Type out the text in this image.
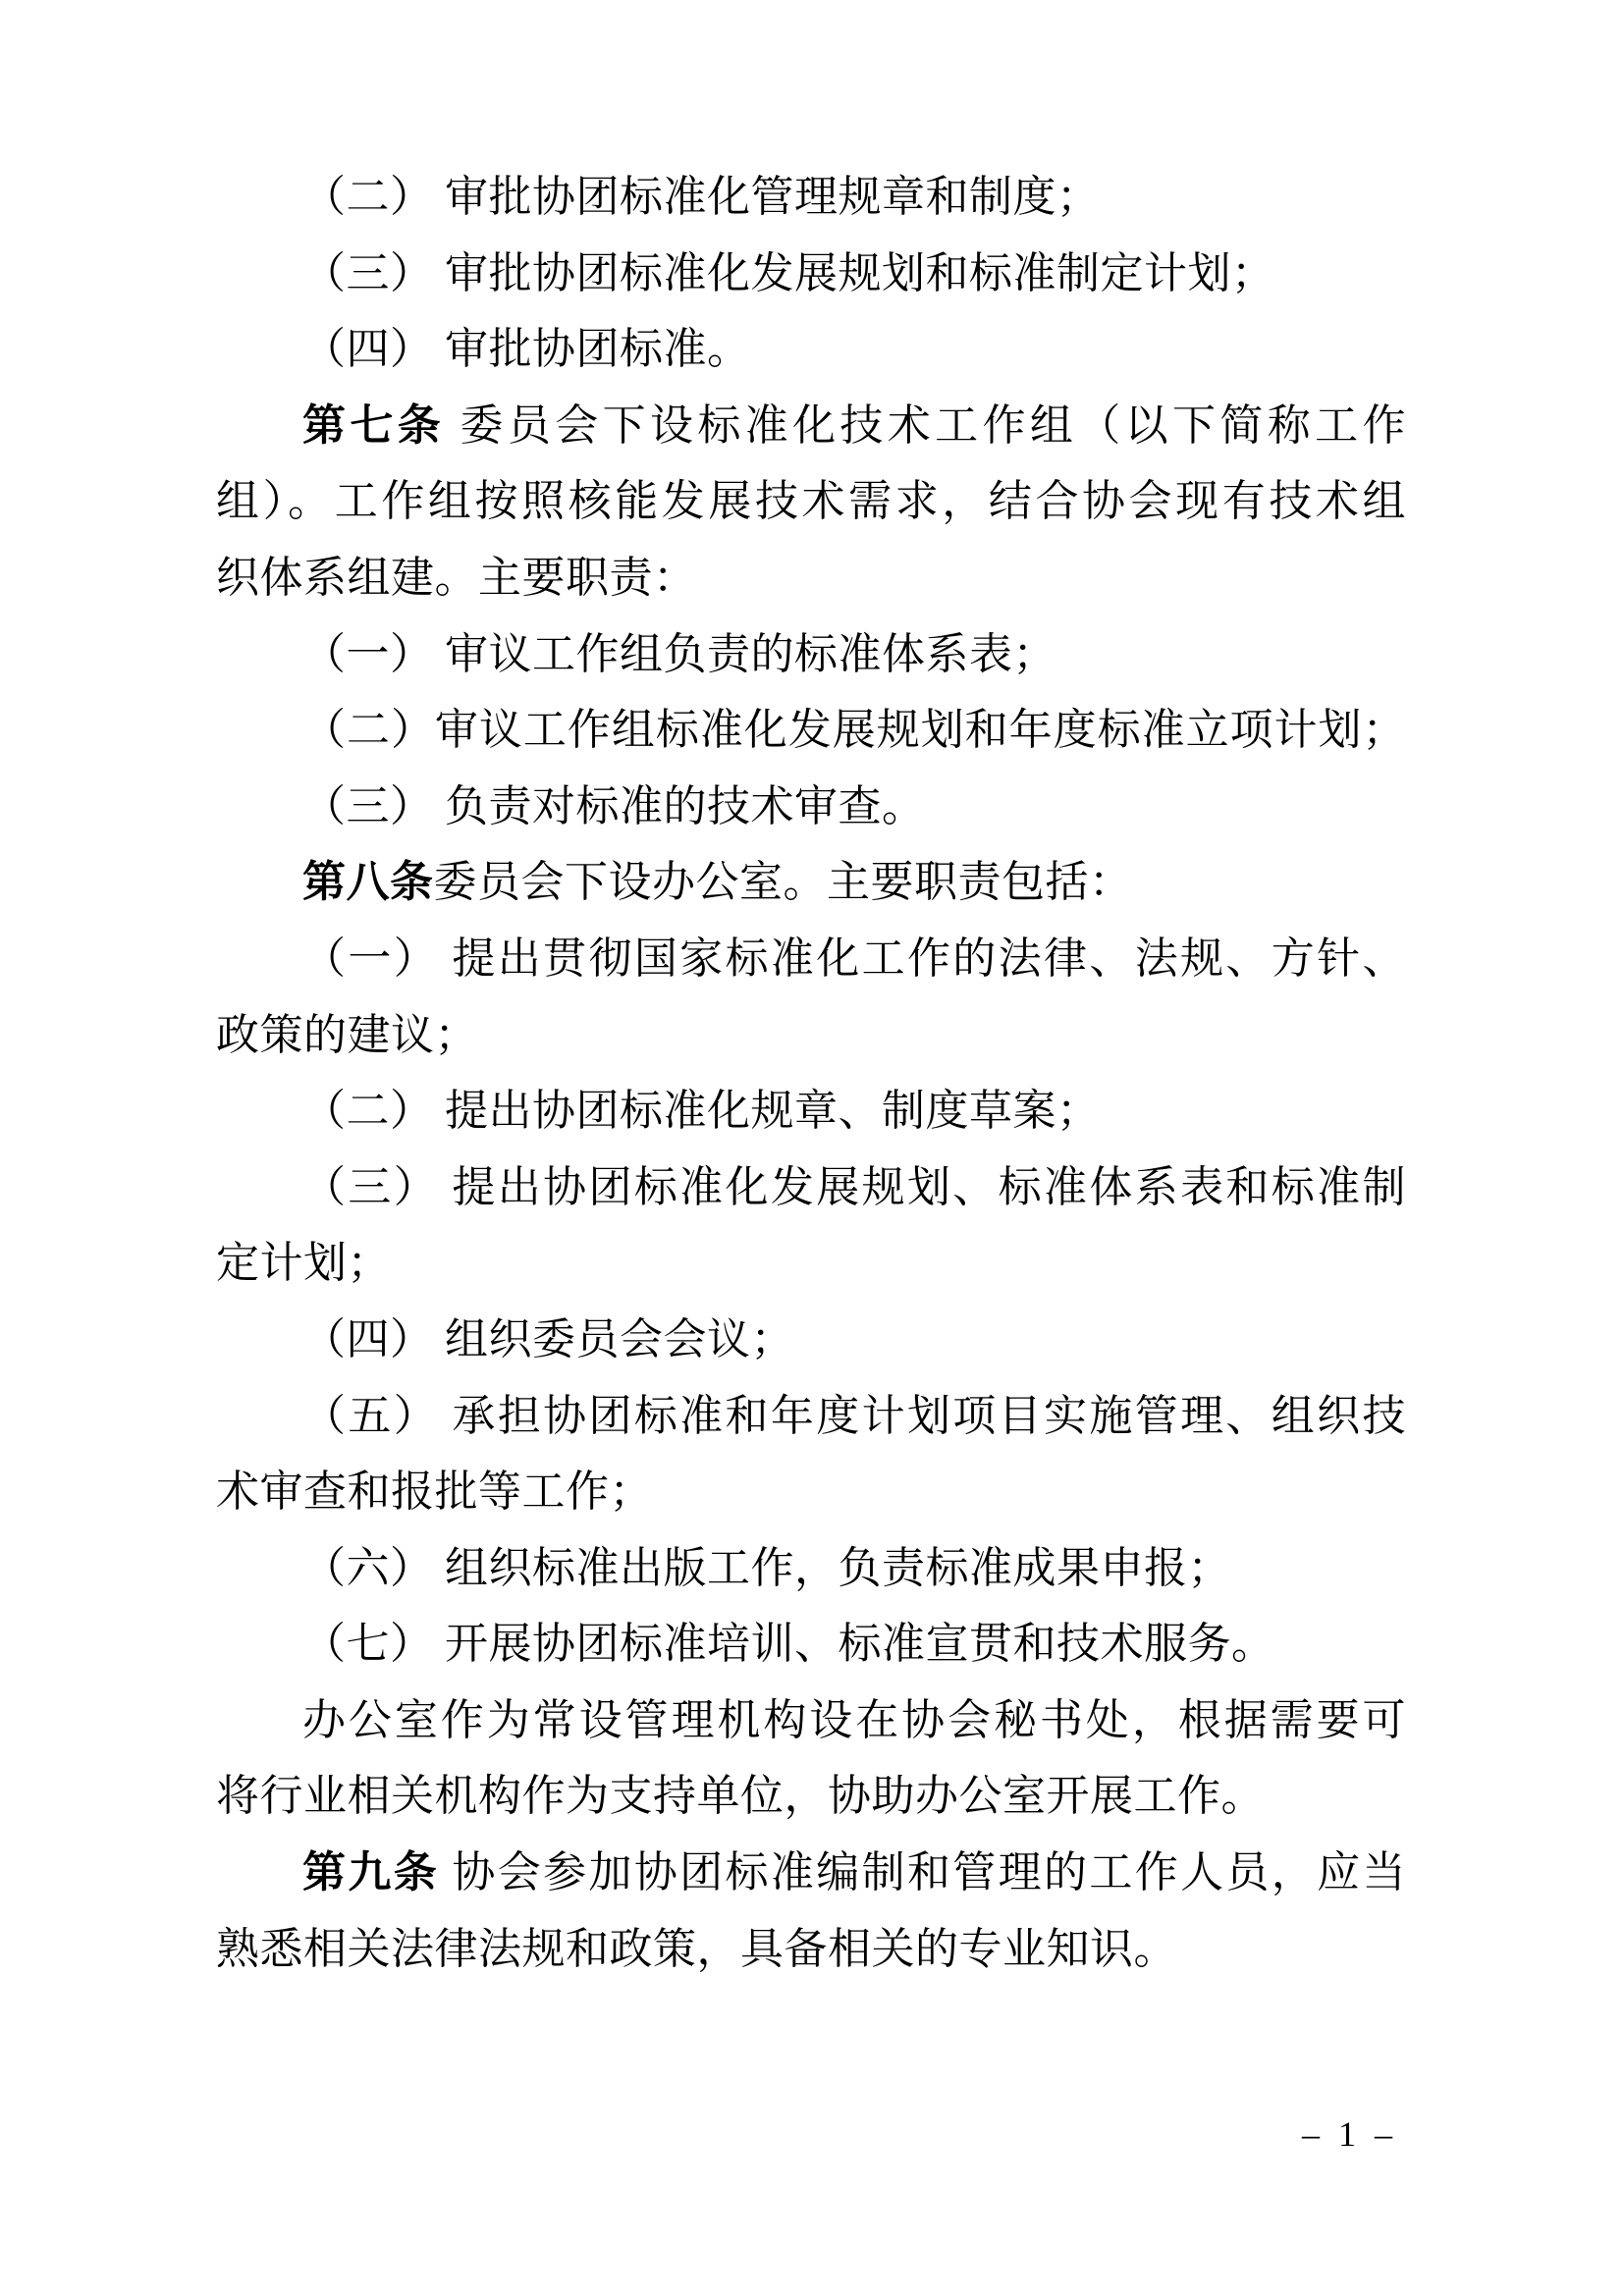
（二） 审批协团标准化管理规章和制度；
（三） 审批协团标准化发展规划和标准制定计划；
（四） 审批协团标准。
第七条 委员会下设标准化技术工作组（以下简称工作
组）。工作组按照核能发展技术需求，结合协会现有技术组
织体系组建。主要职责：
（一） 审议工作组负责的标准体系表；
（二）审议工作组标准化发展规划和年度标准立项计划；
（三） 负责对标准的技术审查。
第八条委员会下设办公室。主要职责包括：
（一） 提出贯彻国家标准化工作的法律、法规、方针、
政策的建议；
（二） 提出协团标准化规章、制度草案；
（三） 提出协团标准化发展规划、标准体系表和标准制
定计划；
（四） 组织委员会会议；
（五） 承担协团标准和年度计划项目实施管理、组织技
术审查和报批等工作；
（六） 组织标准出版工作，负责标准成果申报；
（七） 开展协团标准培训、标准宣贯和技术服务。
办公室作为常设管理机构设在协会秘书处，根据需要可
将行业相关机构作为支持单位，协助办公室开展工作。
第九条 协会参加协团标准编制和管理的工作人员，应当
熟悉相关法律法规和政策，具备相关的专业知识。
– 1 –
